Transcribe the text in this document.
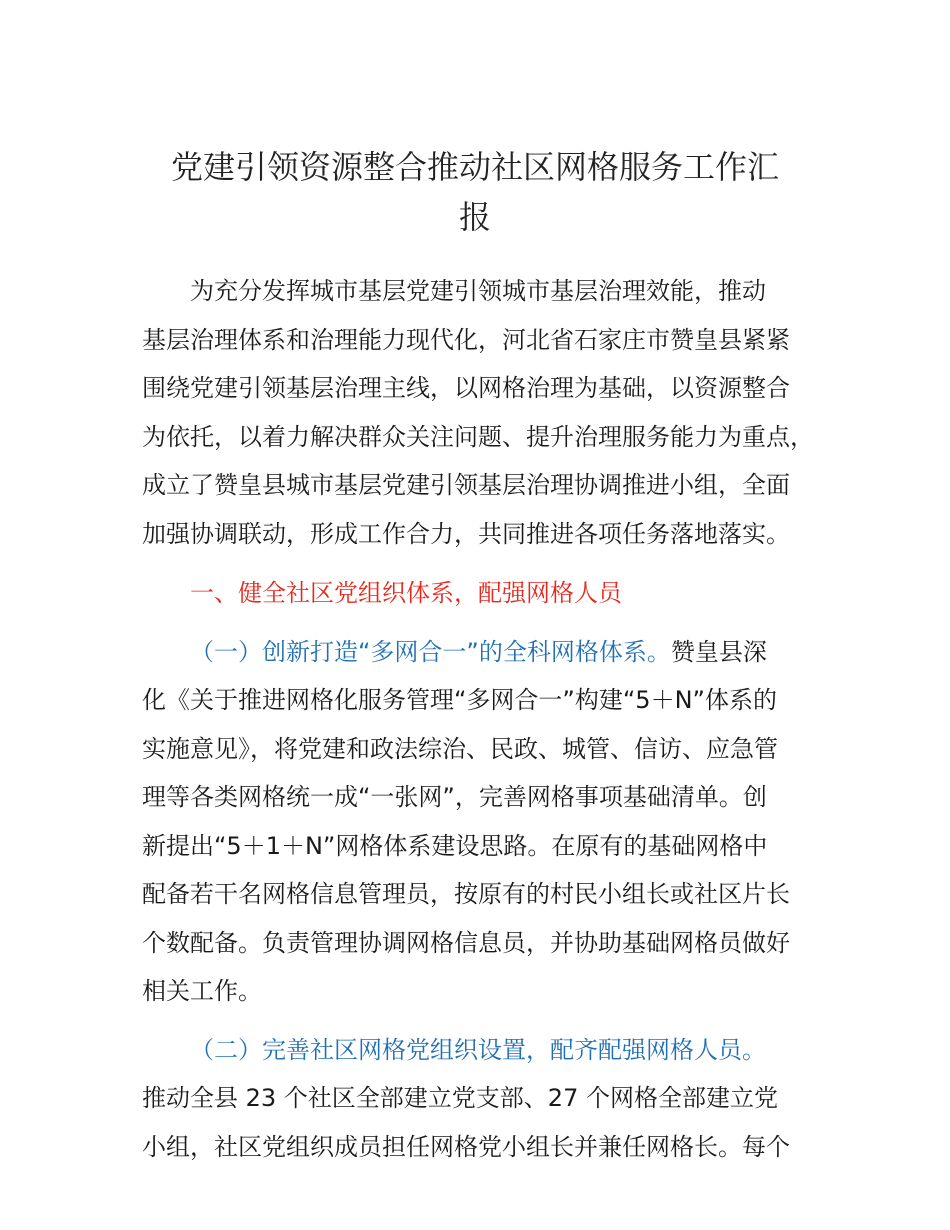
党建引领资源整合推动社区网格服务工作汇
报

为充分发挥城市基层党建引领城市基层治理效能，推动

基层治理体系和治理能力现代化，河北省石家庄市赞皇县紧紧

围绕党建引领基层治理主线，以网格治理为基础，以资源整合

为依托，以着力解决群众关注问题、提升治理服务能力为重点，

成立了赞皇县城市基层党建引领基层治理协调推进小组，全面

加强协调联动，形成工作合力，共同推进各项任务落地落实。

一、健全社区党组织体系，配强网格人员

（一）创新打造“多网合一”的全科网格体系。赞皇县深

化《关于推进网格化服务管理“多网合一”构建“5＋N”体系的

实施意见》，将党建和政法综治、民政、城管、信访、应急管

理等各类网格统一成“一张网”，完善网格事项基础清单。创

新提出“5＋1＋N”网格体系建设思路。在原有的基础网格中

配备若干名网格信息管理员，按原有的村民小组长或社区片长

个数配备。负责管理协调网格信息员，并协助基础网格员做好

相关工作。

（二）完善社区网格党组织设置，配齐配强网格人员。

推动全县 23 个社区全部建立党支部、27 个网格全部建立党

小组，社区党组织成员担任网格党小组长并兼任网格长。每个
